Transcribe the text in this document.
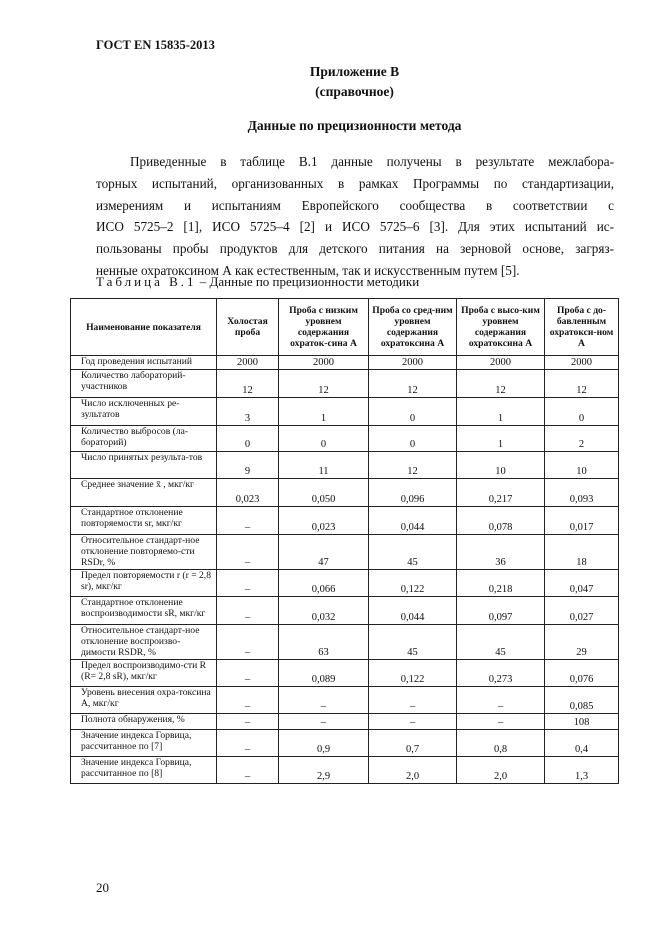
ГОСТ EN 15835-2013
Приложение В
(справочное)
Данные по прецизионности метода
Приведенные в таблице В.1 данные получены в результате межлабора-
торных испытаний, организованных в рамках Программы по стандартизации,
измерениям и испытаниям Европейского сообщества в соответствии с
ИСО 5725–2 [1], ИСО 5725–4 [2] и ИСО 5725–6 [3]. Для этих испытаний ис-
пользованы пробы продуктов для детского питания на зерновой основе, загряз-
ненные охратоксином А как естественным, так и искусственным путем [5].
Таблица В.1 – Данные по прецизионности методики
Наименование показателя	Холостая проба	Проба с низким уровнем содержания охраток-сина А	Проба со сред-ним уровнем содержания охратоксина А	Проба с высо-ким уровнем содержания охратоксина А	Проба с до-бавленным охратокси-ном А
Год проведения испытаний	2000	2000	2000	2000	2000
Количество лабораторий-участников	12	12	12	12	12
Число исключенных ре-зультатов	3	1	0	1	0
Количество выбросов (ла-бораторий)	0	0	0	1	2
Число принятых результа-тов	9	11	12	10	10
Среднее значение x̄ , мкг/кг	0,023	0,050	0,096	0,217	0,093
Стандартное отклонение повторяемости sr, мкг/кг	–	0,023	0,044	0,078	0,017
Относительное стандарт-ное отклонение повторяемо-сти RSDr, %	–	47	45	36	18
Предел повторяемости r (r = 2,8 sr), мкг/кг	–	0,066	0,122	0,218	0,047
Стандартное отклонение воспроизводимости sR, мкг/кг	–	0,032	0,044	0,097	0,027
Относительное стандарт-ное отклонение воспроизво-димости RSDR, %	–	63	45	45	29
Предел воспроизводимо-сти R (R= 2,8 sR), мкг/кг	–	0,089	0,122	0,273	0,076
Уровень внесения охра-токсина А, мкг/кг	–	–	–	–	0,085
Полнота обнаружения, %	–	–	–	–	108
Значение индекса Горвица, рассчитанное по [7]	–	0,9	0,7	0,8	0,4
Значение индекса Горвица, рассчитанное по [8]	–	2,9	2,0	2,0	1,3
20
